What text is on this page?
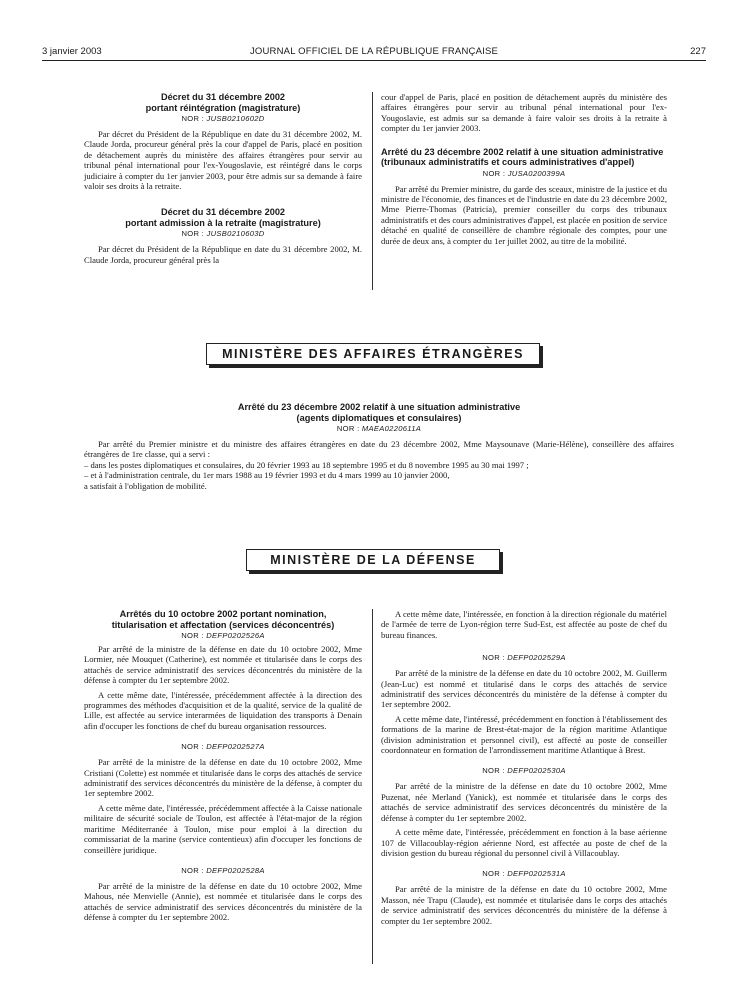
3 janvier 2003	JOURNAL OFFICIEL DE LA RÉPUBLIQUE FRANÇAISE	227
Décret du 31 décembre 2002
portant réintégration (magistrature)
NOR : JUSB0210602D

Par décret du Président de la République en date du 31 décembre 2002, M. Claude Jorda, procureur général près la cour d'appel de Paris, placé en position de détachement auprès du ministère des affaires étrangères pour servir au tribunal pénal international pour l'ex-Yougoslavie, est réintégré dans le corps judiciaire à compter du 1er janvier 2003, pour être admis sur sa demande à faire valoir ses droits à la retraite.

Décret du 31 décembre 2002
portant admission à la retraite (magistrature)
NOR : JUSB0210603D

Par décret du Président de la République en date du 31 décembre 2002, M. Claude Jorda, procureur général près la

cour d'appel de Paris, placé en position de détachement auprès du ministère des affaires étrangères pour servir au tribunal pénal international pour l'ex-Yougoslavie, est admis sur sa demande à faire valoir ses droits à la retraite à compter du 1er janvier 2003.

Arrêté du 23 décembre 2002 relatif à une situation administrative (tribunaux administratifs et cours administratives d'appel)
NOR : JUSA0200399A

Par arrêté du Premier ministre, du garde des sceaux, ministre de la justice et du ministre de l'économie, des finances et de l'industrie en date du 23 décembre 2002, Mme Pierre-Thomas (Patricia), premier conseiller du corps des tribunaux administratifs et des cours administratives d'appel, est placée en position de service détaché en qualité de conseillère de chambre régionale des comptes, pour une durée de deux ans, à compter du 1er juillet 2002, au titre de la mobilité.

MINISTÈRE DES AFFAIRES ÉTRANGÈRES
Arrêté du 23 décembre 2002 relatif à une situation administrative
(agents diplomatiques et consulaires)
NOR : MAEA0220611A

Par arrêté du Premier ministre et du ministre des affaires étrangères en date du 23 décembre 2002, Mme Maysounave (Marie-Hélène), conseillère des affaires étrangères de 1re classe, qui a servi :

– dans les postes diplomatiques et consulaires, du 20 février 1993 au 18 septembre 1995 et du 8 novembre 1995 au 30 mai 1997 ;
– et à l'administration centrale, du 1er mars 1988 au 19 février 1993 et du 4 mars 1999 au 10 janvier 2000,

a satisfait à l'obligation de mobilité.

MINISTÈRE DE LA DÉFENSE
Arrêtés du 10 octobre 2002 portant nomination,
titularisation et affectation (services déconcentrés)
NOR : DEFP0202526A

Par arrêté de la ministre de la défense en date du 10 octobre 2002, Mme Lormier, née Mouquet (Catherine), est nommée et titularisée dans le corps des attachés de service administratif des services déconcentrés du ministère de la défense à compter du 1er septembre 2002.

A cette même date, l'intéressée, précédemment affectée à la direction des programmes des méthodes d'acquisition et de la qualité, service de la qualité de Lille, est affectée au service interarmées de liquidation des transports à Denain afin d'occuper les fonctions de chef du bureau organisation ressources.

NOR : DEFP0202527A

Par arrêté de la ministre de la défense en date du 10 octobre 2002, Mme Cristiani (Colette) est nommée et titularisée dans le corps des attachés de service administratif des services déconcentrés du ministère de la défense, à compter du 1er septembre 2002.

A cette même date, l'intéressée, précédemment affectée à la Caisse nationale militaire de sécurité sociale de Toulon, est affectée à l'état-major de la région maritime Méditerranée à Toulon, mise pour emploi à la direction du commissariat de la marine (service contentieux) afin d'occuper les fonctions de conseillère juridique.

NOR : DEFP0202528A

Par arrêté de la ministre de la défense en date du 10 octobre 2002, Mme Mahous, née Menvielle (Annie), est nommée et titularisée dans le corps des attachés de service administratif des services déconcentrés du ministère de la défense à compter du 1er septembre 2002.

A cette même date, l'intéressée, en fonction à la direction régionale du matériel de l'armée de terre de Lyon-région terre Sud-Est, est affectée au poste de chef du bureau finances.

NOR : DEFP0202529A

Par arrêté de la ministre de la défense en date du 10 octobre 2002, M. Guillerm (Jean-Luc) est nommé et titularisé dans le corps des attachés de service administratif des services déconcentrés du ministère de la défense à compter du 1er septembre 2002.

A cette même date, l'intéressé, précédemment en fonction à l'établissement des formations de la marine de Brest-état-major de la région maritime Atlantique (division administration et personnel civil), est affecté au poste de conseiller coordonnateur en formation de l'arrondissement maritime Atlantique à Brest.

NOR : DEFP0202530A

Par arrêté de la ministre de la défense en date du 10 octobre 2002, Mme Puzenat, née Merland (Yanick), est nommée et titularisée dans le corps des attachés de service administratif des services déconcentrés du ministère de la défense à compter du 1er septembre 2002.

A cette même date, l'intéressée, précédemment en fonction à la base aérienne 107 de Villacoublay-région aérienne Nord, est affectée au poste de chef de la division gestion du bureau régional du personnel civil à Villacoublay.

NOR : DEFP0202531A

Par arrêté de la ministre de la défense en date du 10 octobre 2002, Mme Masson, née Trapu (Claude), est nommée et titularisée dans le corps des attachés de service administratif des services déconcentrés du ministère de la défense à compter du 1er septembre 2002.
